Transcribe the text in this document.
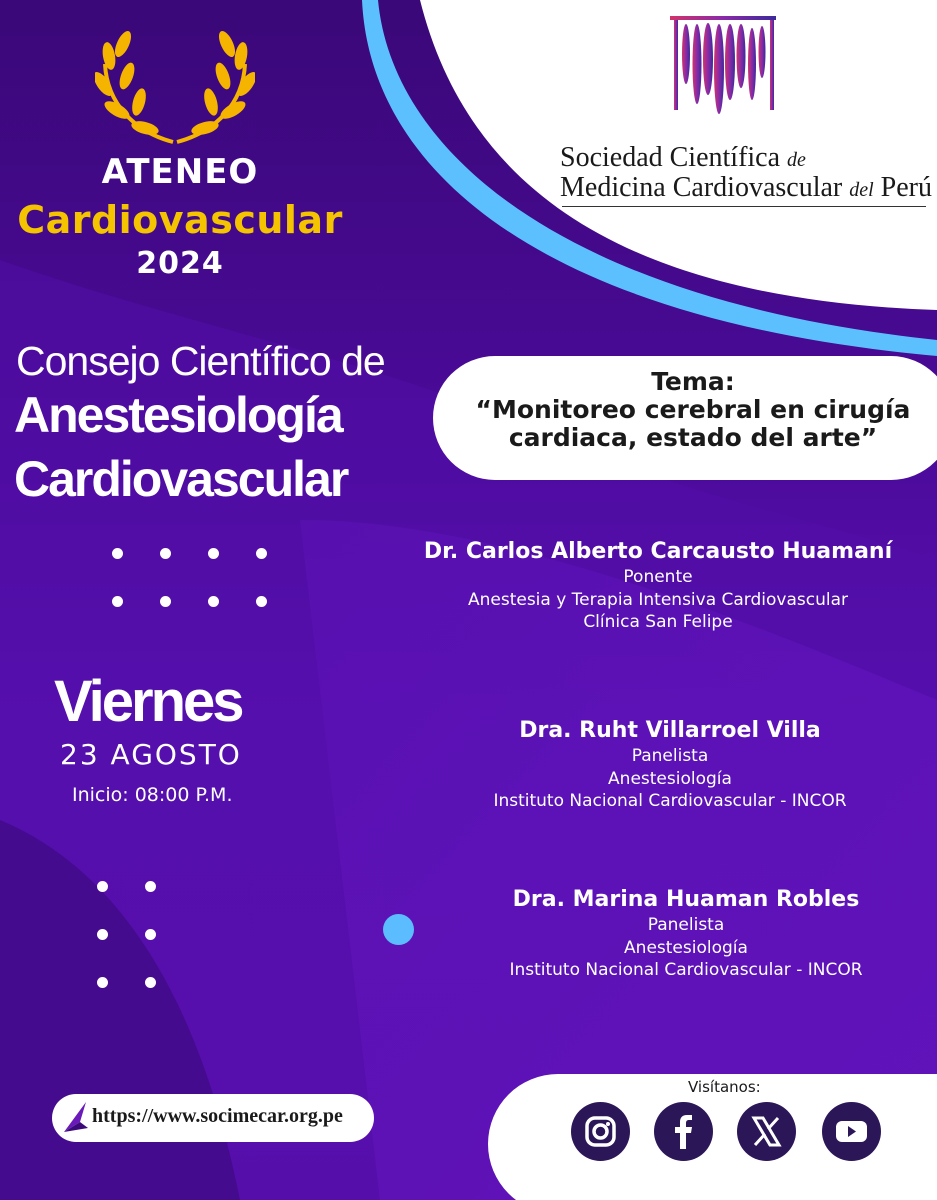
ATENEO
Cardiovascular
2024
Consejo Científico de
Anestesiología
Cardiovascular
Viernes
23 AGOSTO
Inicio: 08:00 P.M.
Sociedad Científica de
Medicina Cardiovascular del Perú
Tema:
“Monitoreo cerebral en cirugía
cardiaca, estado del arte”
Dr. Carlos Alberto Carcausto Huamaní
Ponente
Anestesia y Terapia Intensiva Cardiovascular
Clínica San Felipe
Dra. Ruht Villarroel Villa
Panelista
Anestesiología
Instituto Nacional Cardiovascular - INCOR
Dra. Marina Huaman Robles
Panelista
Anestesiología
Instituto Nacional Cardiovascular - INCOR
https://www.socimecar.org.pe
Visítanos:
